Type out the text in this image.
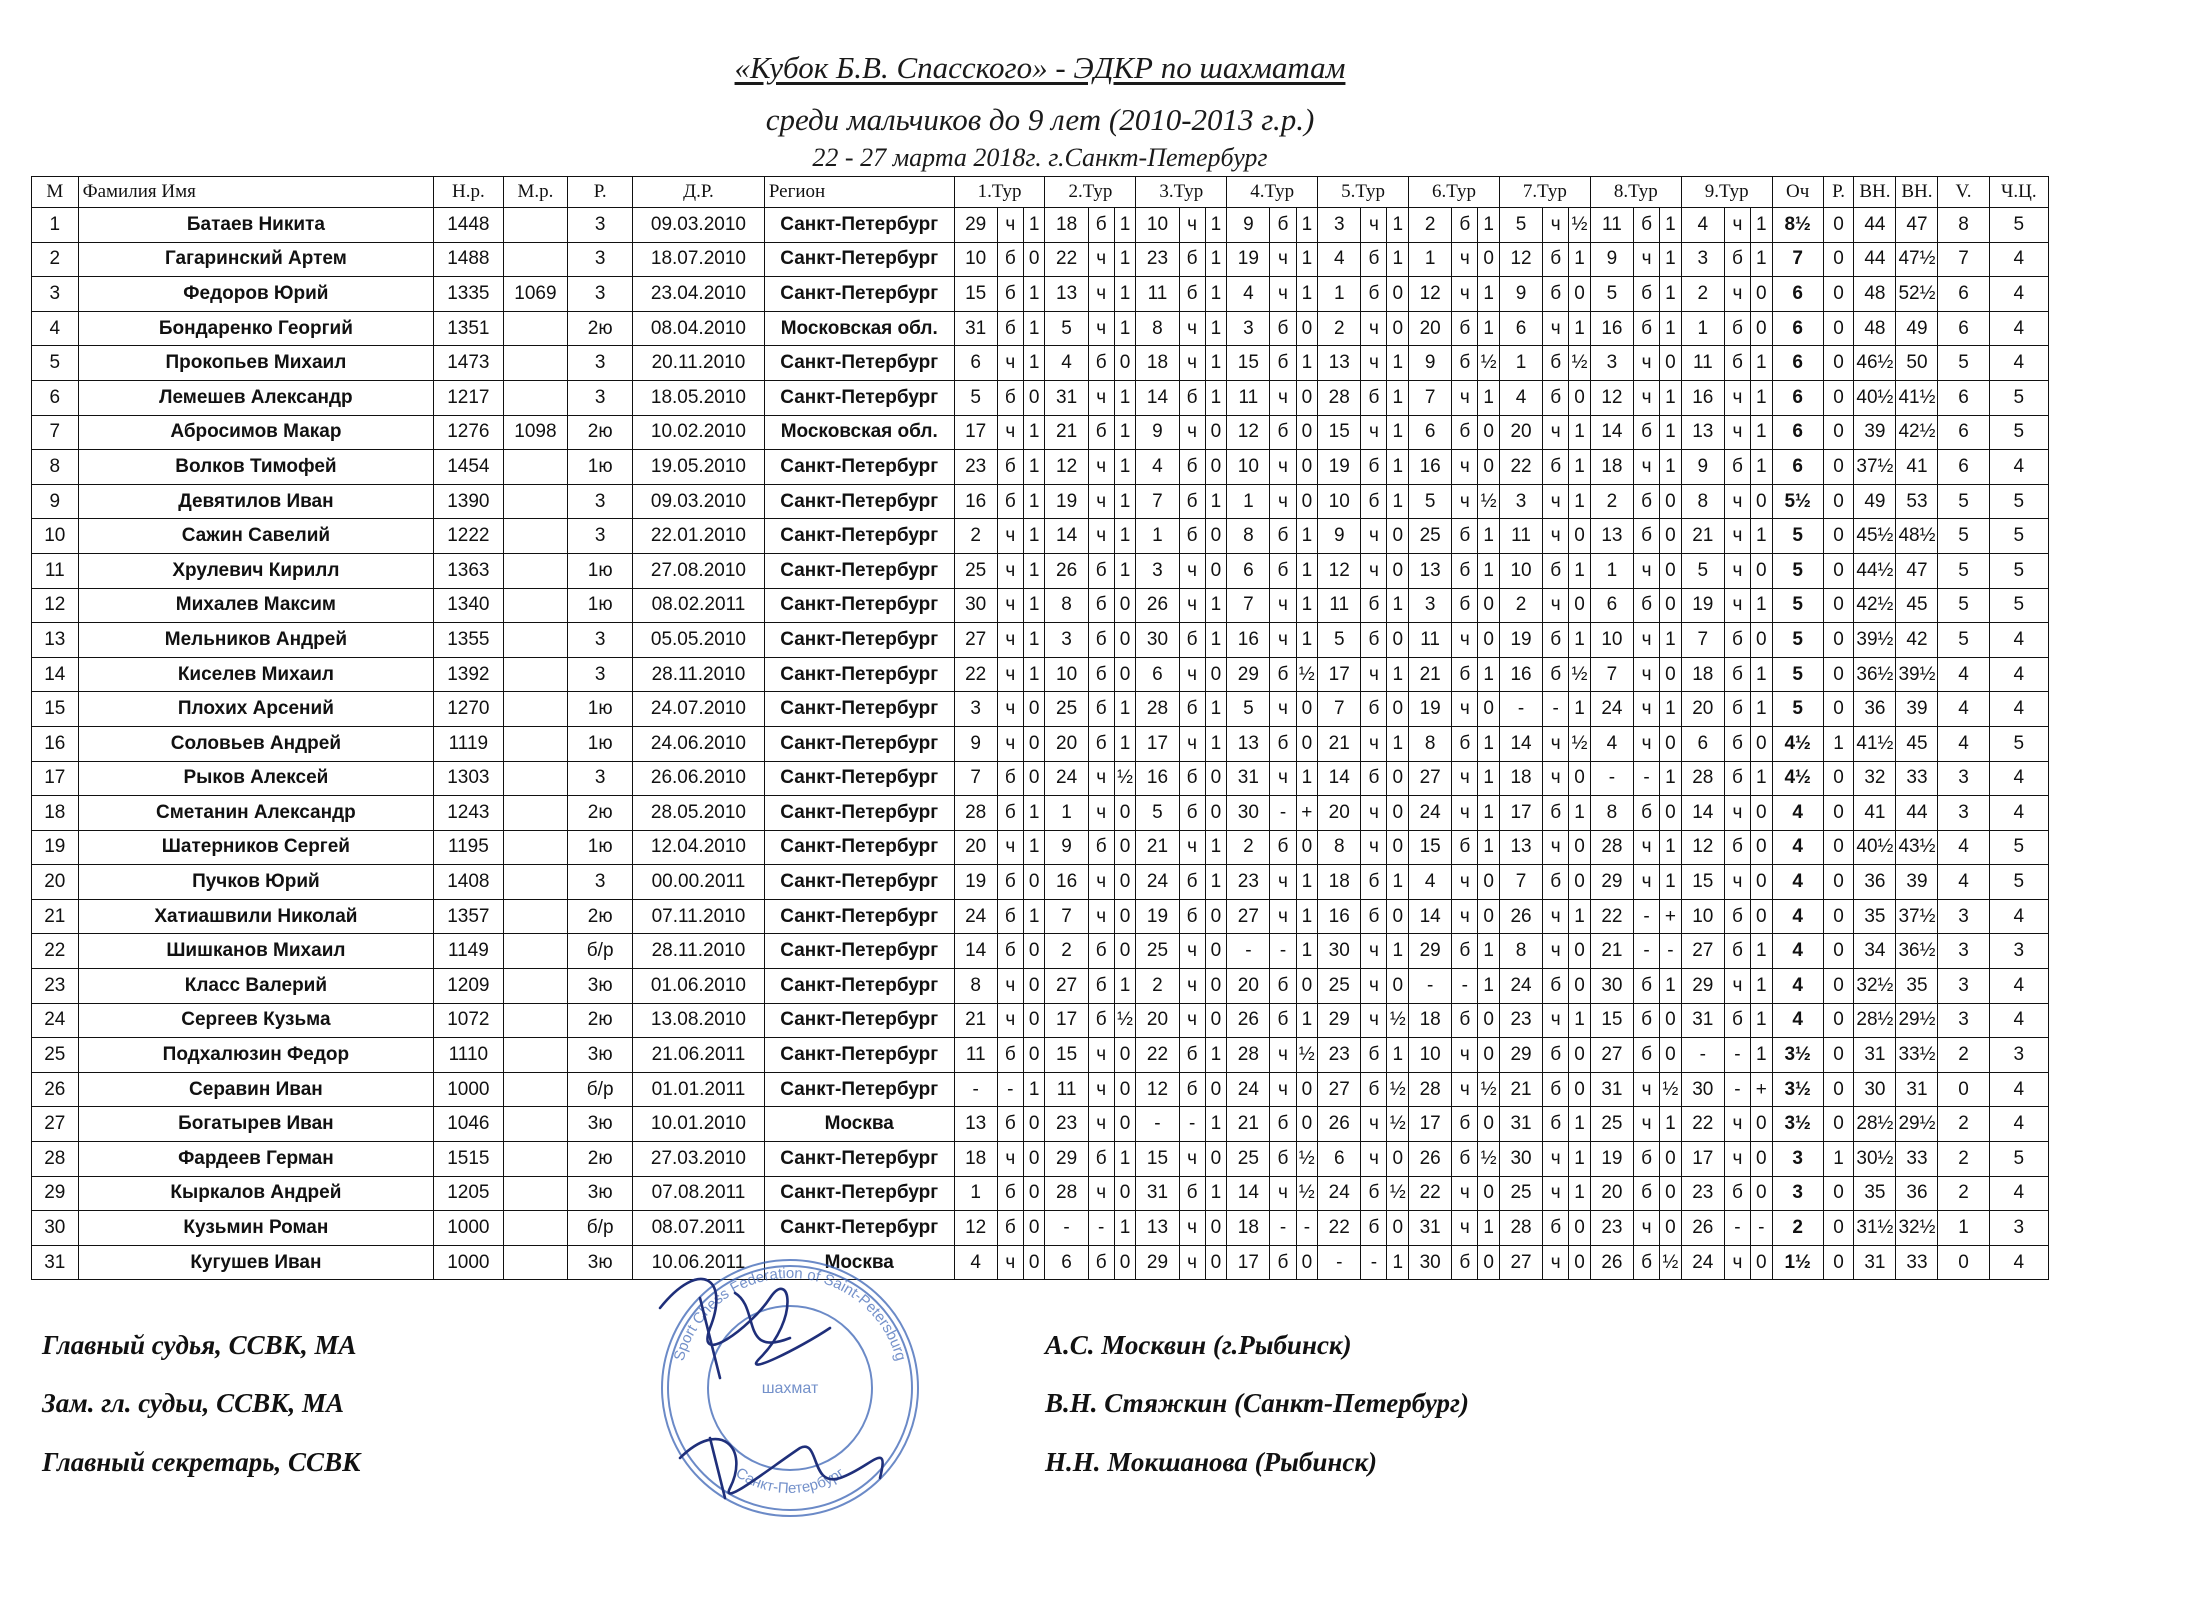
«Кубок Б.В. Спасского» - ЭДКР по шахматам
среди мальчиков до 9 лет (2010-2013 г.р.)
22 - 27 марта 2018г. г.Санкт-Петербург
М	Фамилия Имя	Н.р.	М.р.	Р.	Д.Р.	Регион	1.Тур			2.Тур			3.Тур			4.Тур			5.Тур			6.Тур			7.Тур			8.Тур			9.Тур			Оч	Р.	ВН.	ВН.	V.	Ч.Ц.
1	Батаев Никита	1448		3	09.03.2010	Санкт-Петербург	29	ч	1	18	б	1	10	ч	1	9	б	1	3	ч	1	2	б	1	5	ч	½	11	б	1	4	ч	1	8½	0	44	47	8	5
2	Гагаринский Артем	1488		3	18.07.2010	Санкт-Петербург	10	б	0	22	ч	1	23	б	1	19	ч	1	4	б	1	1	ч	0	12	б	1	9	ч	1	3	б	1	7	0	44	47½	7	4
3	Федоров Юрий	1335	1069	3	23.04.2010	Санкт-Петербург	15	б	1	13	ч	1	11	б	1	4	ч	1	1	б	0	12	ч	1	9	б	0	5	б	1	2	ч	0	6	0	48	52½	6	4
4	Бондаренко Георгий	1351		2ю	08.04.2010	Московская обл.	31	б	1	5	ч	1	8	ч	1	3	б	0	2	ч	0	20	б	1	6	ч	1	16	б	1	1	б	0	6	0	48	49	6	4
5	Прокопьев Михаил	1473		3	20.11.2010	Санкт-Петербург	6	ч	1	4	б	0	18	ч	1	15	б	1	13	ч	1	9	б	½	1	б	½	3	ч	0	11	б	1	6	0	46½	50	5	4
6	Лемешев Александр	1217		3	18.05.2010	Санкт-Петербург	5	б	0	31	ч	1	14	б	1	11	ч	0	28	б	1	7	ч	1	4	б	0	12	ч	1	16	ч	1	6	0	40½	41½	6	5
7	Абросимов Макар	1276	1098	2ю	10.02.2010	Московская обл.	17	ч	1	21	б	1	9	ч	0	12	б	0	15	ч	1	6	б	0	20	ч	1	14	б	1	13	ч	1	6	0	39	42½	6	5
8	Волков Тимофей	1454		1ю	19.05.2010	Санкт-Петербург	23	б	1	12	ч	1	4	б	0	10	ч	0	19	б	1	16	ч	0	22	б	1	18	ч	1	9	б	1	6	0	37½	41	6	4
9	Девятилов Иван	1390		3	09.03.2010	Санкт-Петербург	16	б	1	19	ч	1	7	б	1	1	ч	0	10	б	1	5	ч	½	3	ч	1	2	б	0	8	ч	0	5½	0	49	53	5	5
10	Сажин Савелий	1222		3	22.01.2010	Санкт-Петербург	2	ч	1	14	ч	1	1	б	0	8	б	1	9	ч	0	25	б	1	11	ч	0	13	б	0	21	ч	1	5	0	45½	48½	5	5
11	Хрулевич Кирилл	1363		1ю	27.08.2010	Санкт-Петербург	25	ч	1	26	б	1	3	ч	0	6	б	1	12	ч	0	13	б	1	10	б	1	1	ч	0	5	ч	0	5	0	44½	47	5	5
12	Михалев Максим	1340		1ю	08.02.2011	Санкт-Петербург	30	ч	1	8	б	0	26	ч	1	7	ч	1	11	б	1	3	б	0	2	ч	0	6	б	0	19	ч	1	5	0	42½	45	5	5
13	Мельников Андрей	1355		3	05.05.2010	Санкт-Петербург	27	ч	1	3	б	0	30	б	1	16	ч	1	5	б	0	11	ч	0	19	б	1	10	ч	1	7	б	0	5	0	39½	42	5	4
14	Киселев Михаил	1392		3	28.11.2010	Санкт-Петербург	22	ч	1	10	б	0	6	ч	0	29	б	½	17	ч	1	21	б	1	16	б	½	7	ч	0	18	б	1	5	0	36½	39½	4	4
15	Плохих Арсений	1270		1ю	24.07.2010	Санкт-Петербург	3	ч	0	25	б	1	28	б	1	5	ч	0	7	б	0	19	ч	0	-	-	1	24	ч	1	20	б	1	5	0	36	39	4	4
16	Соловьев Андрей	1119		1ю	24.06.2010	Санкт-Петербург	9	ч	0	20	б	1	17	ч	1	13	б	0	21	ч	1	8	б	1	14	ч	½	4	ч	0	6	б	0	4½	1	41½	45	4	5
17	Рыков Алексей	1303		3	26.06.2010	Санкт-Петербург	7	б	0	24	ч	½	16	б	0	31	ч	1	14	б	0	27	ч	1	18	ч	0	-	-	1	28	б	1	4½	0	32	33	3	4
18	Сметанин Александр	1243		2ю	28.05.2010	Санкт-Петербург	28	б	1	1	ч	0	5	б	0	30	-	+	20	ч	0	24	ч	1	17	б	1	8	б	0	14	ч	0	4	0	41	44	3	4
19	Шатерников Сергей	1195		1ю	12.04.2010	Санкт-Петербург	20	ч	1	9	б	0	21	ч	1	2	б	0	8	ч	0	15	б	1	13	ч	0	28	ч	1	12	б	0	4	0	40½	43½	4	5
20	Пучков Юрий	1408		3	00.00.2011	Санкт-Петербург	19	б	0	16	ч	0	24	б	1	23	ч	1	18	б	1	4	ч	0	7	б	0	29	ч	1	15	ч	0	4	0	36	39	4	5
21	Хатиашвили Николай	1357		2ю	07.11.2010	Санкт-Петербург	24	б	1	7	ч	0	19	б	0	27	ч	1	16	б	0	14	ч	0	26	ч	1	22	-	+	10	б	0	4	0	35	37½	3	4
22	Шишканов Михаил	1149		б/р	28.11.2010	Санкт-Петербург	14	б	0	2	б	0	25	ч	0	-	-	1	30	ч	1	29	б	1	8	ч	0	21	-	-	27	б	1	4	0	34	36½	3	3
23	Класс Валерий	1209		3ю	01.06.2010	Санкт-Петербург	8	ч	0	27	б	1	2	ч	0	20	б	0	25	ч	0	-	-	1	24	б	0	30	б	1	29	ч	1	4	0	32½	35	3	4
24	Сергеев Кузьма	1072		2ю	13.08.2010	Санкт-Петербург	21	ч	0	17	б	½	20	ч	0	26	б	1	29	ч	½	18	б	0	23	ч	1	15	б	0	31	б	1	4	0	28½	29½	3	4
25	Подхалюзин Федор	1110		3ю	21.06.2011	Санкт-Петербург	11	б	0	15	ч	0	22	б	1	28	ч	½	23	б	1	10	ч	0	29	б	0	27	б	0	-	-	1	3½	0	31	33½	2	3
26	Серавин Иван	1000		б/р	01.01.2011	Санкт-Петербург	-	-	1	11	ч	0	12	б	0	24	ч	0	27	б	½	28	ч	½	21	б	0	31	ч	½	30	-	+	3½	0	30	31	0	4
27	Богатырев Иван	1046		3ю	10.01.2010	Москва	13	б	0	23	ч	0	-	-	1	21	б	0	26	ч	½	17	б	0	31	б	1	25	ч	1	22	ч	0	3½	0	28½	29½	2	4
28	Фардеев Герман	1515		2ю	27.03.2010	Санкт-Петербург	18	ч	0	29	б	1	15	ч	0	25	б	½	6	ч	0	26	б	½	30	ч	1	19	б	0	17	ч	0	3	1	30½	33	2	5
29	Кыркалов Андрей	1205		3ю	07.08.2011	Санкт-Петербург	1	б	0	28	ч	0	31	б	1	14	ч	½	24	б	½	22	ч	0	25	ч	1	20	б	0	23	б	0	3	0	35	36	2	4
30	Кузьмин Роман	1000		б/р	08.07.2011	Санкт-Петербург	12	б	0	-	-	1	13	ч	0	18	-	-	22	б	0	31	ч	1	28	б	0	23	ч	0	26	-	-	2	0	31½	32½	1	3
31	Кугушев Иван	1000		3ю	10.06.2011	Москва	4	ч	0	6	б	0	29	ч	0	17	б	0	-	-	1	30	б	0	27	ч	0	26	б	½	24	ч	0	1½	0	31	33	0	4
Главный судья, ССВК, МА	А.С. Москвин (г.Рыбинск)
Зам. гл. судьи, ССВК, МА	В.Н. Стяжкин (Санкт-Петербург)
Главный секретарь, ССВК	Н.Н. Мокшанова (Рыбинск)
Sport Chess Federation of Saint-Petersburg
Санкт-Петербург
шахмат
